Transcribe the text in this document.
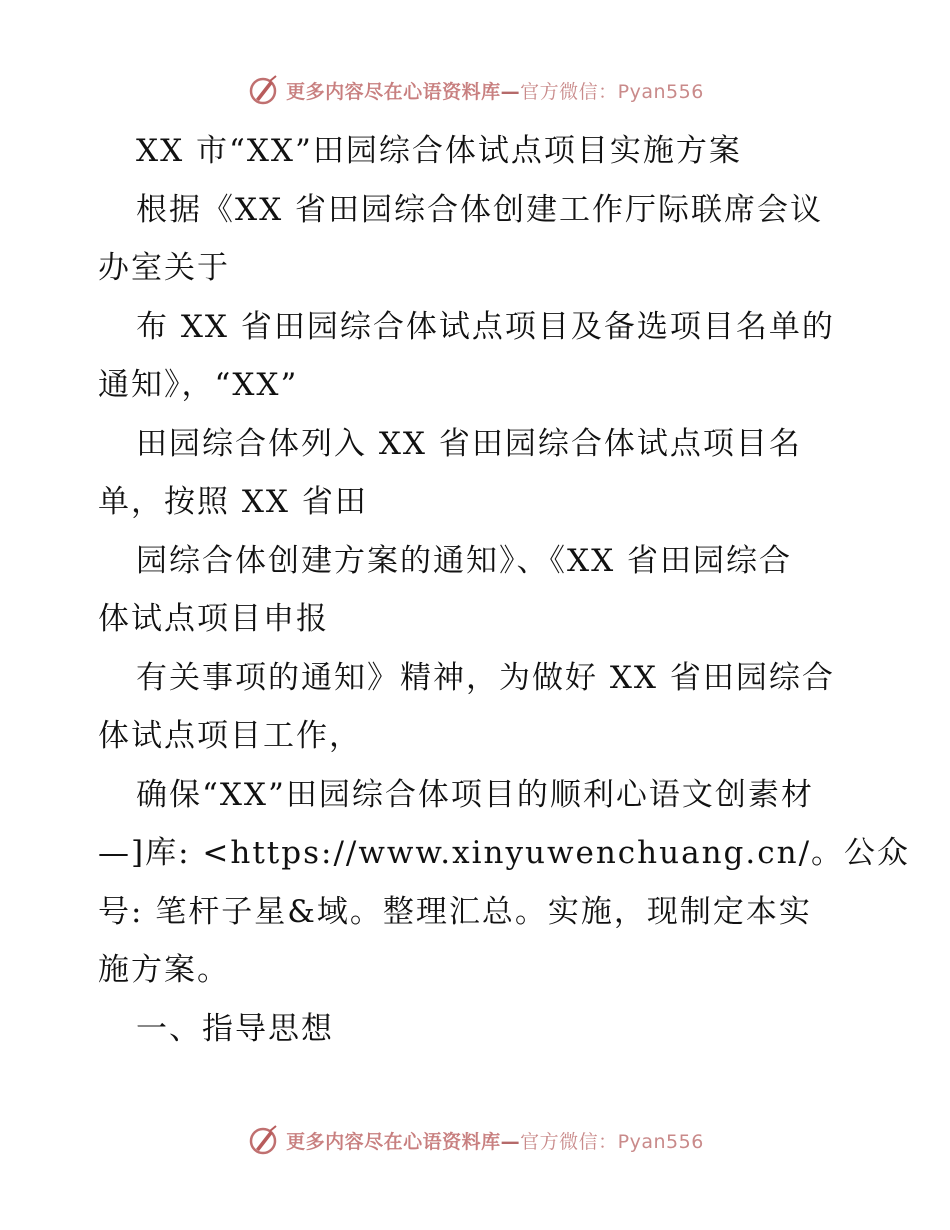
更多内容尽在心语资料库—官方微信：Pyan556
XX 市“XX”田园综合体试点项目实施方案
根据《XX 省田园综合体创建工作厅际联席会议
办室关于
布 XX 省田园综合体试点项目及备选项目名单的
通知》，“XX”
田园综合体列入 XX 省田园综合体试点项目名
单，按照 XX 省田
园综合体创建方案的通知》、《XX 省田园综合
体试点项目申报
有关事项的通知》精神，为做好 XX 省田园综合
体试点项目工作，
确保“XX”田园综合体项目的顺利心语文创素材
—]库: <https://www.xinyuwenchuang.cn/。公众
号: 笔杆子星&域。整理汇总。实施，现制定本实
施方案。
一、指导思想
更多内容尽在心语资料库—官方微信：Pyan556
